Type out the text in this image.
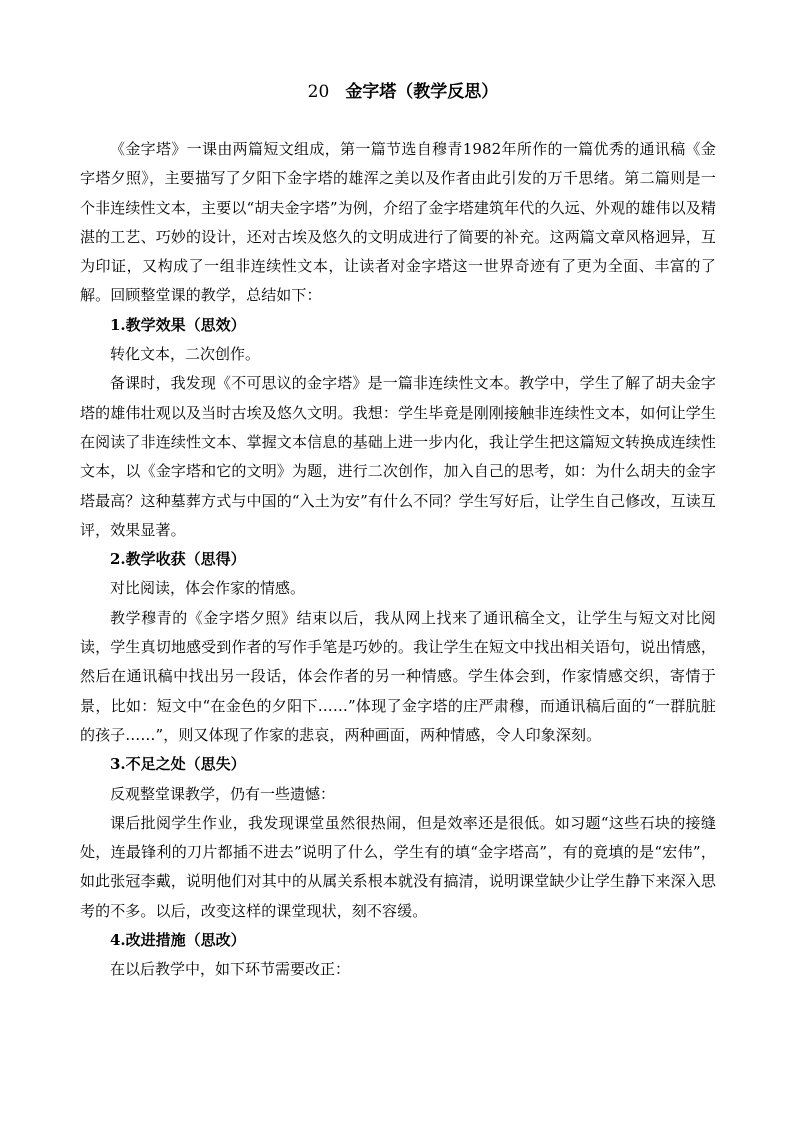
20 金字塔（教学反思）

《金字塔》一课由两篇短文组成，第一篇节选自穆青1982年所作的一篇优秀的通讯稿《金字塔夕照》，主要描写了夕阳下金字塔的雄浑之美以及作者由此引发的万千思绪。第二篇则是一个非连续性文本，主要以“胡夫金字塔”为例，介绍了金字塔建筑年代的久远、外观的雄伟以及精湛的工艺、巧妙的设计，还对古埃及悠久的文明成进行了简要的补充。这两篇文章风格迥异，互为印证，又构成了一组非连续性文本，让读者对金字塔这一世界奇迹有了更为全面、丰富的了解。回顾整堂课的教学，总结如下：

1.教学效果（思效）

转化文本，二次创作。

备课时，我发现《不可思议的金字塔》是一篇非连续性文本。教学中，学生了解了胡夫金字塔的雄伟壮观以及当时古埃及悠久文明。我想：学生毕竟是刚刚接触非连续性文本，如何让学生在阅读了非连续性文本、掌握文本信息的基础上进一步内化，我让学生把这篇短文转换成连续性文本，以《金字塔和它的文明》为题，进行二次创作，加入自己的思考，如：为什么胡夫的金字塔最高？这种墓葬方式与中国的“入土为安”有什么不同？学生写好后，让学生自己修改，互读互评，效果显著。

2.教学收获（思得）

对比阅读，体会作家的情感。

教学穆青的《金字塔夕照》结束以后，我从网上找来了通讯稿全文，让学生与短文对比阅读，学生真切地感受到作者的写作手笔是巧妙的。我让学生在短文中找出相关语句，说出情感，然后在通讯稿中找出另一段话，体会作者的另一种情感。学生体会到，作家情感交织，寄情于景，比如：短文中“在金色的夕阳下……”体现了金字塔的庄严肃穆，而通讯稿后面的“一群肮脏的孩子……”，则又体现了作家的悲哀，两种画面，两种情感，令人印象深刻。

3.不足之处（思失）

反观整堂课教学，仍有一些遗憾：

课后批阅学生作业，我发现课堂虽然很热闹，但是效率还是很低。如习题“这些石块的接缝处，连最锋利的刀片都插不进去”说明了什么，学生有的填“金字塔高”，有的竟填的是“宏伟”，如此张冠李戴，说明他们对其中的从属关系根本就没有搞清，说明课堂缺少让学生静下来深入思考的不多。以后，改变这样的课堂现状，刻不容缓。

4.改进措施（思改）

在以后教学中，如下环节需要改正：
